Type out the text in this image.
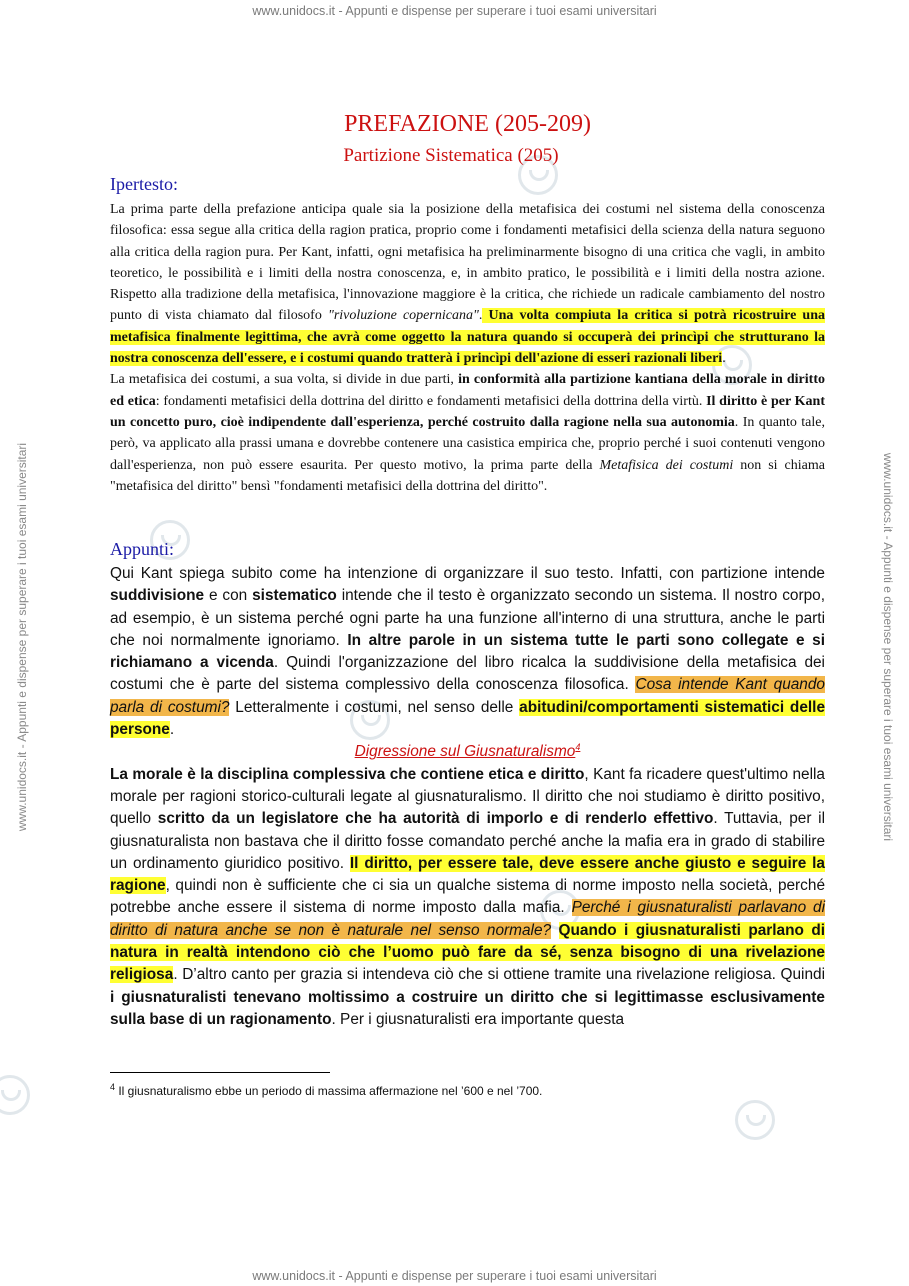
www.unidocs.it - Appunti e dispense per superare i tuoi esami universitari
www.unidocs.it - Appunti e dispense per superare i tuoi esami universitari
www.unidocs.it - Appunti e dispense per superare i tuoi esami universitari	www.unidocs.it - Appunti e dispense per superare i tuoi esami universitari
PREFAZIONE (205-209)
Partizione Sistematica (205)
Ipertesto:
La prima parte della prefazione anticipa quale sia la posizione della metafisica dei costumi nel sistema della conoscenza filosofica: essa segue alla critica della ragion pratica, proprio come i fondamenti metafisici della scienza della natura seguono alla critica della ragion pura. Per Kant, infatti, ogni metafisica ha preliminarmente bisogno di una critica che vagli, in ambito teoretico, le possibilità e i limiti della nostra conoscenza, e, in ambito pratico, le possibilità e i limiti della nostra azione. Rispetto alla tradizione della metafisica, l'innovazione maggiore è la critica, che richiede un radicale cambiamento del nostro punto di vista chiamato dal filosofo "rivoluzione copernicana". Una volta compiuta la critica si potrà ricostruire una metafisica finalmente legittima, che avrà come oggetto la natura quando si occuperà dei princìpi che strutturano la nostra conoscenza dell'essere, e i costumi quando tratterà i princìpi dell'azione di esseri razionali liberi.
La metafisica dei costumi, a sua volta, si divide in due parti, in conformità alla partizione kantiana della morale in diritto ed etica: fondamenti metafisici della dottrina del diritto e fondamenti metafisici della dottrina della virtù. Il diritto è per Kant un concetto puro, cioè indipendente dall'esperienza, perché costruito dalla ragione nella sua autonomia. In quanto tale, però, va applicato alla prassi umana e dovrebbe contenere una casistica empirica che, proprio perché i suoi contenuti vengono dall'esperienza, non può essere esaurita. Per questo motivo, la prima parte della Metafisica dei costumi non si chiama "metafisica del diritto" bensì "fondamenti metafisici della dottrina del diritto".
Appunti:
Qui Kant spiega subito come ha intenzione di organizzare il suo testo. Infatti, con partizione intende suddivisione e con sistematico intende che il testo è organizzato secondo un sistema. Il nostro corpo, ad esempio, è un sistema perché ogni parte ha una funzione all'interno di una struttura, anche le parti che noi normalmente ignoriamo. In altre parole in un sistema tutte le parti sono collegate e si richiamano a vicenda. Quindi l'organizzazione del libro ricalca la suddivisione della metafisica dei costumi che è parte del sistema complessivo della conoscenza filosofica. Cosa intende Kant quando parla di costumi? Letteralmente i costumi, nel senso delle abitudini/comportamenti sistematici delle persone.
Digressione sul Giusnaturalismo$^4$
La morale è la disciplina complessiva che contiene etica e diritto, Kant fa ricadere quest'ultimo nella morale per ragioni storico-culturali legate al giusnaturalismo. Il diritto che noi studiamo è diritto positivo, quello scritto da un legislatore che ha autorità di imporlo e di renderlo effettivo. Tuttavia, per il giusnaturalista non bastava che il diritto fosse comandato perché anche la mafia era in grado di stabilire un ordinamento giuridico positivo. Il diritto, per essere tale, deve essere anche giusto e seguire la ragione, quindi non è sufficiente che ci sia un qualche sistema di norme imposto nella società, perché potrebbe anche essere il sistema di norme imposto dalla mafia. Perché i giusnaturalisti parlavano di diritto di natura anche se non è naturale nel senso normale? Quando i giusnaturalisti parlano di natura in realtà intendono ciò che l’uomo può fare da sé, senza bisogno di una rivelazione religiosa. D’altro canto per grazia si intendeva ciò che si ottiene tramite una rivelazione religiosa. Quindi i giusnaturalisti tenevano moltissimo a costruire un diritto che si legittimasse esclusivamente sulla base di un ragionamento. Per i giusnaturalisti era importante questa
$^4$ Il giusnaturalismo ebbe un periodo di massima affermazione nel ’600 e nel ’700.
